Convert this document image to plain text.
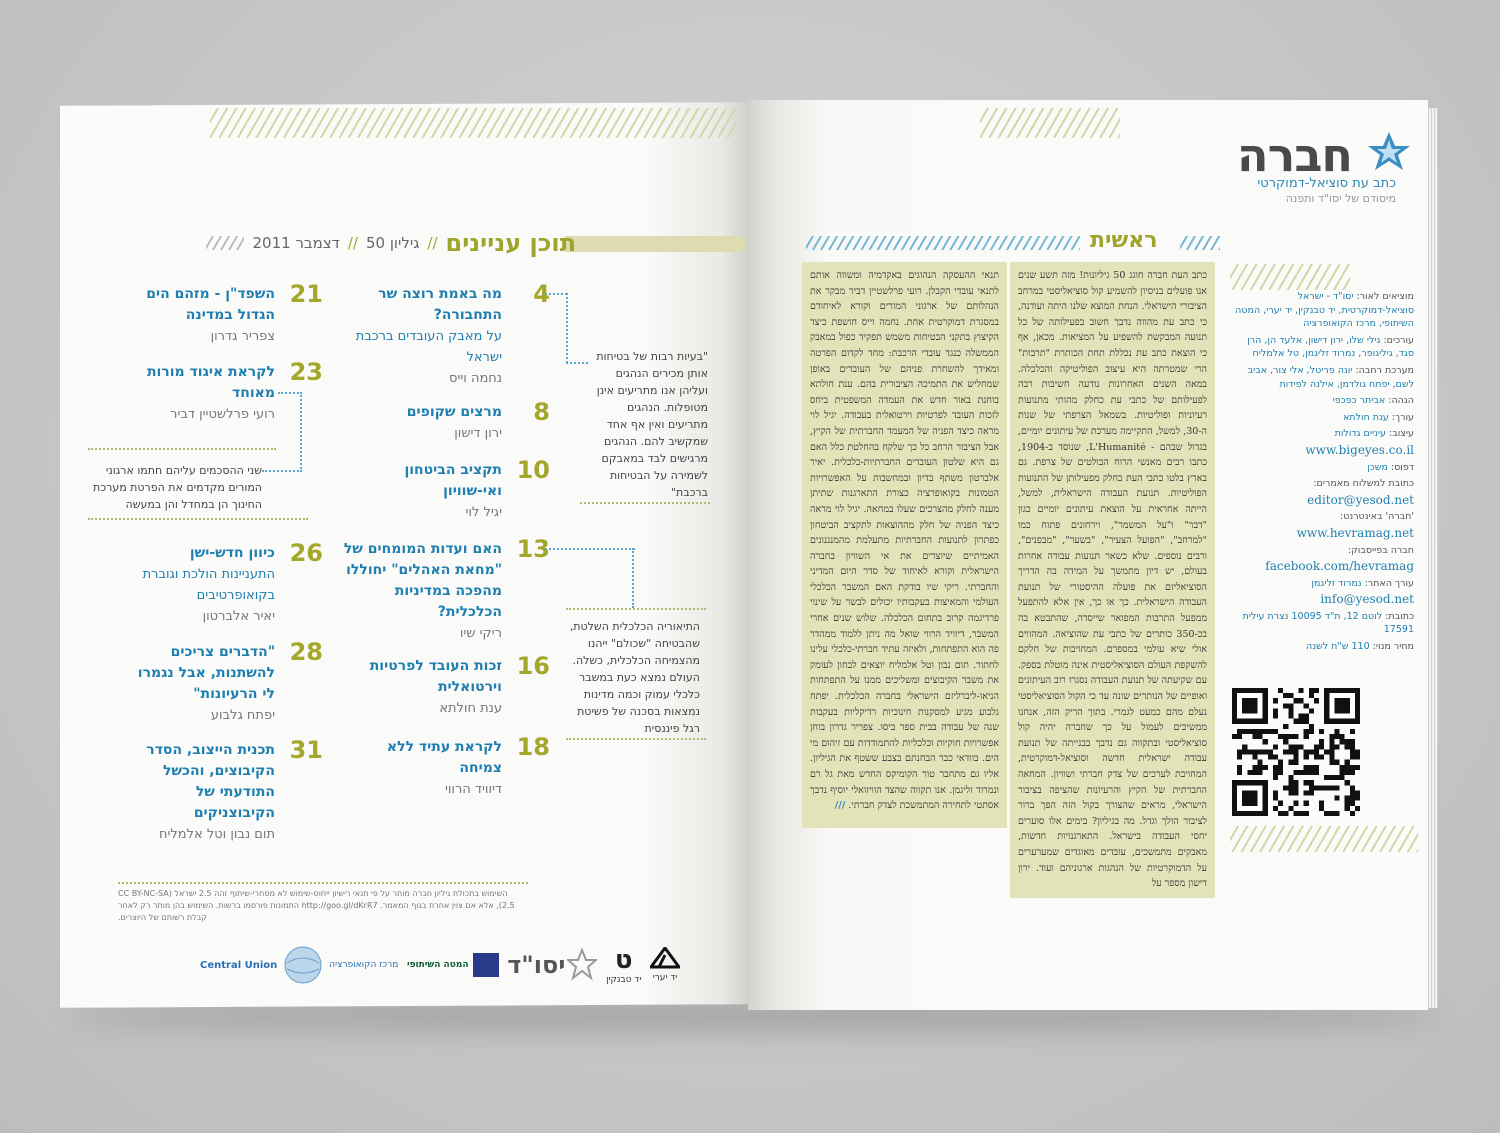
תוכן עניינים
//
גיליון 50
//
דצמבר 2011
4
מה באמת רוצה שר התחבורה?
על מאבק העובדים ברכבת ישראל
נחמה וייס
8
מרצים שקופים
ירון דישון
10
תקציב הביטחון ואי-שוויון
יגיל לוי
13
האם ועדות המומחים של "מחאת האהלים" יחוללו מהפכה במדיניות הכלכלית?
ריקי שיו
16
זכות העובד לפרטיות וירטואלית
ענת חולתא
18
לקראת עתיד ללא צמיחה
דיוויד הרווי
21
השפד"ן - מזהם הים הגדול במדינה
צפריר גדרון
23
לקראת איגוד מורות מאוחד
רועי פרלשטיין דביר
26
כיוון חדש-ישן
התעניינות הולכת וגוברת בקואופרטיבים
יאיר אלברטון
28
"הדברים צריכים להשתנות, אבל נגמרו לי הרעיונות"
יפתח גלבוע
31
תכנית הייצוב, הסדר הקיבוצים, והכשל התודעתי של הקיבוצניקים
תום נבון וטל אלמליח
"בעיות רבות של בטיחות אותן מכירים הנהגים ועליהן אנו מתריעים אינן מטופלות. הנהגים מתריעים ואין אף אחד שמקשיב להם. הנהגים מרגישים לבד במאבקם לשמירה על הבטיחות ברכבת"
שני ההסכמים עליהם חתמו ארגוני המורים מקדמים את הפרטת מערכת החינוך הן במחדל והן במעשה
התיאוריה הכלכלית השלטת, שהבטיחה "שכולם" ייהנו מהצמיחה הכלכלית, כשלה. העולם נמצא כעת במשבר כלכלי עמוק וכמה מדינות נמצאות בסכנה של פשיטת רגל פיננסית
השימוש בתכולת גיליון חברה מותר על פי תנאי רישיון ייחוס-שימוש לא מסחרי-שיתוף זהה 2.5 ישראל (CC BY-NC-SA 2.5), אלא אם צוין אחרת בגוף המאמר. http://goo.gl/dKrR7 התמונות פורסמו ברשות. השימוש בהן מותר רק לאחר קבלת רשותם של היוצרים.
Central Union	מרכז הקואופרציה המטה השיתופי יסו"ד	ט
יד טבנקין	יד יערי
חברה
כתב עת סוציאל-דמוקרטי
מיסודם של יסו"ד ותפנה
ראשית
כתב העת חברה חוגג 50 גיליונות! מזה תשע שנים אנו פועלים בניסיון להשמיע קול סוציאליסטי במרחב הציבורי הישראלי. הנחת המוצא שלנו היתה ועודנה, כי כתב עת מהווה נדבך חשוב בפעילותה של כל תנועה המבקשת להשפיע על המציאות. מכאן, אף כי הוצאת כתב עת נכללת תחת הכותרת "תרבות" הרי שמטרתה היא עיצוב הפוליטיקה והכלכלה. במאה השנים האחרונות נודעה חשיבות רבה לפעילותם של כתבי עת כחלק מהותי מתנועות רעיוניות ופוליטיות. בשמאל הצרפתי של שנות ה-30, למשל, התקיימה מערכת של עיתונים יומיים, בגדול שבהם - L'Humanité, שנוסד ב-1904, כתבו רבים מאנשי הרוח הבולטים של צרפת. גם בארץ בלטו כתבי העת כחלק מפעילותן של התנועות הפוליטיות. תנועת העבודה הישראלית, למשל, הייתה אחראית על הוצאת עיתונים יומיים כגון "דבר" ו"על המשמר", וירחונים פתוח כמו "למרחב", "הפועל הצעיר", "בשער", "מבפנים", ורבים נוספים. שלא כשאר תנועות עבודה אחרות בעולם, יש דיון מתמשך על המידה בה הדריך הסוציאליזם את פועלה ההיסטורי של תנועת העבודה הישראלית. כך או כך, אין אלא להתפעל ממפעל התרבות המפואר שייסדה, שהתבטא בה בכ-350 כותרים של כתבי עת שהוציאה. המהווים אולי שיא עולמי במספרם. המחויבות של חלקם להשקפת העולם הסוציאליסטית אינה מוטלת בספק. עם שקיעתה של תנועת העבודה נסגרו רוב העיתונים ואופיים של הנותרים שונה עד כי הקול הסוציאליסטי נעלם מהם כמעט לגמרי. בתוך הריק הזה, אנחנו ממשיכים לעמול על כך שחברה יהיה קול סוציאליסטי ובתקווה גם נדבך בבנייתה של תנועת עבודה ישראלית חדשה וסוציאל-דמוקרטית, המחויבת לערכים של צדק חברתי ושוויון. המחאה החברתית של הקיץ והרעיונות שהציפה בציבור הישראלי, מראים שהצורך בקול הזה הפך ברור לציבור הולך וגדל. מה בגיליון? בימים אלו סוערים יחסי העבודה בישראל. התארגנויות חדשות, מאבקים מתמשכים, עובדים מאוגדים שמערערים על הדמוקרטיות של הנהגות ארגוניהם ועוד. ירון דישון מספר על
תנאי ההעסקה הנהוגים באקדמיה ומשווה אותם לתנאי עובדי הקבלן. רועי פרלשטיין דביר מבקר את הנהלותם של ארגוני המורים וקורא לאיחודם במסגרת דמוקרטית אחת. נחמה וייס חושפת כיצד הקיצוץ בתקני הבטיחות משמש תפקיד כפול במאבק הממשלה כנגד עובדי הרכבת: מחד לקדום הפרטה ומאידך להשחרת פניהם של העובדים באופן שמחליש את התמיכה הציבורית בהם. ענת חולתא בוחנת באור חדש את העמדה המשפטית ביחס לזכות העובד לפרטיות וירטואלית בעבודה. יגיל לוי מראה כיצד הפניה של המעמד החברתית של הקיץ, אבל הציבור הרחב כל כך שלקח בהחלטת כלל האם גם היא שלטון העובדים החברתיות-כלכלית. יאיר אלברטון משתף בדיון ובמחשבות על האפשרויות הטמונות בקואופרציה כצורת התארגנות שתיתן מענה לחלק מהצרכים שעלו במחאה. יגיל לוי מראה כיצד הפניה של חלק מההוצאות לתקציב הביטחון כפתרון לתנועות החברתיות מתעלמת מהמנגנונים האמיתיים שיוצרים את אי השוויון בחברה הישראלית וקורא לאיחוד של סדר היום המדיני והחברתי. ריקי שיו בודקת האם המשבר הכלכלי העולמי והמאיצות בעקבותיו יכולים לבשר על שינוי פרדיגמה קרוב בתחום הכלכלה. שלוש שנים אחרי המשבר, דיוויד הרווי שואל מה ניתן ללמוד ממהדר פה הוא התפתחות, ולאיזה עתיד חברתי-כלכלי עלינו לחתור. תום נבון וטל אלמליח יוצאים לבחון לעומק את משבר הקיבוצים ומשליכים ממנו על התפתחות הניאו-ליברליזם הישראלי בחברה הכלכלית. יפתח גלבוע מגיע למסקנות חינוכיות רדיקליות בעקבות שנה של עבודה בבית ספר ביסו. צפריר גדרון בוחן אפשרויות חוקיות וכלכליות להתמודדות עם זיהום מי הים. בוודאי כבר הבחנתם בצבע ששטף את הגיליון. אליו גם מתחבר טור הקומיקס החדש מאת גל רם ונמרוד זליגמן. אנו תקווה שהצד הוויזואלי יוסיף נדבך אסתטי לתחירה המתמשכת לצדק חברתי. ///
מוציאים לאור: יסו"ד - ישראל סוציאל-דמוקרטית, יד טבנקין, יד יערי, המטה השיתופי, מרכז הקואופרציה
עורכים: גילי שלו, ירון דישון, אלעד הן, הרן סגד, גיליגופר, נמרוד זליגמן, טל אלמליח
מערכת רחבה: יונה פריטל, אלי צור, אביב לשם, יפתח גולדמן, אילנה לפידות
הגהה: אביתר כפכפי
עורך: ענת חולתא
עיצוב: עיניים גדולות
www.bigeyes.co.il
דפוס: משכן
כתובת למשלוח מאמרים:
editor@yesod.net
'חברה' באינטרנט:
www.hevramag.net
חברה בפייסבוק:
facebook.com/hevramag
עורך האתר: נמרוד זליגמן
info@yesod.net
כתובת: לוטם 12, ת"ד 10095 נצרת עילית 17591
מחיר מנוי: 110 ש"ח לשנה
